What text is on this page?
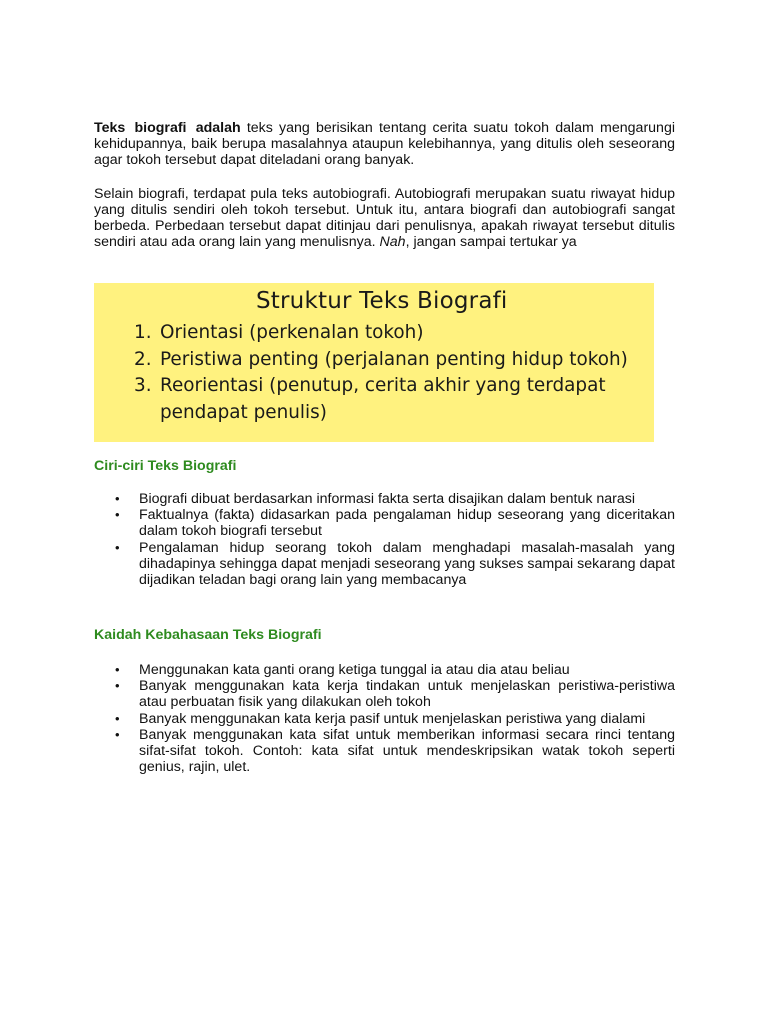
Teks biografi adalah teks yang berisikan tentang cerita suatu tokoh dalam mengarungi kehidupannya, baik berupa masalahnya ataupun kelebihannya, yang ditulis oleh seseorang agar tokoh tersebut dapat diteladani orang banyak.

Selain biografi, terdapat pula teks autobiografi. Autobiografi merupakan suatu riwayat hidup yang ditulis sendiri oleh tokoh tersebut. Untuk itu, antara biografi dan autobiografi sangat berbeda. Perbedaan tersebut dapat ditinjau dari penulisnya, apakah riwayat tersebut ditulis sendiri atau ada orang lain yang menulisnya. Nah, jangan sampai tertukar ya

Struktur Teks Biografi
1. Orientasi (perkenalan tokoh)
2. Peristiwa penting (perjalanan penting hidup tokoh)
3. Reorientasi (penutup, cerita akhir yang terdapat
pendapat penulis)
Ciri-ciri Teks Biografi
• Biografi dibuat berdasarkan informasi fakta serta disajikan dalam bentuk narasi
• Faktualnya (fakta) didasarkan pada pengalaman hidup seseorang yang diceritakan dalam tokoh biografi tersebut
• Pengalaman hidup seorang tokoh dalam menghadapi masalah-masalah yang dihadapinya sehingga dapat menjadi seseorang yang sukses sampai sekarang dapat dijadikan teladan bagi orang lain yang membacanya
Kaidah Kebahasaan Teks Biografi
• Menggunakan kata ganti orang ketiga tunggal ia atau dia atau beliau
• Banyak menggunakan kata kerja tindakan untuk menjelaskan peristiwa-peristiwa atau perbuatan fisik yang dilakukan oleh tokoh
• Banyak menggunakan kata kerja pasif untuk menjelaskan peristiwa yang dialami
• Banyak menggunakan kata sifat untuk memberikan informasi secara rinci tentang sifat-sifat tokoh. Contoh: kata sifat untuk mendeskripsikan watak tokoh seperti genius, rajin, ulet.
